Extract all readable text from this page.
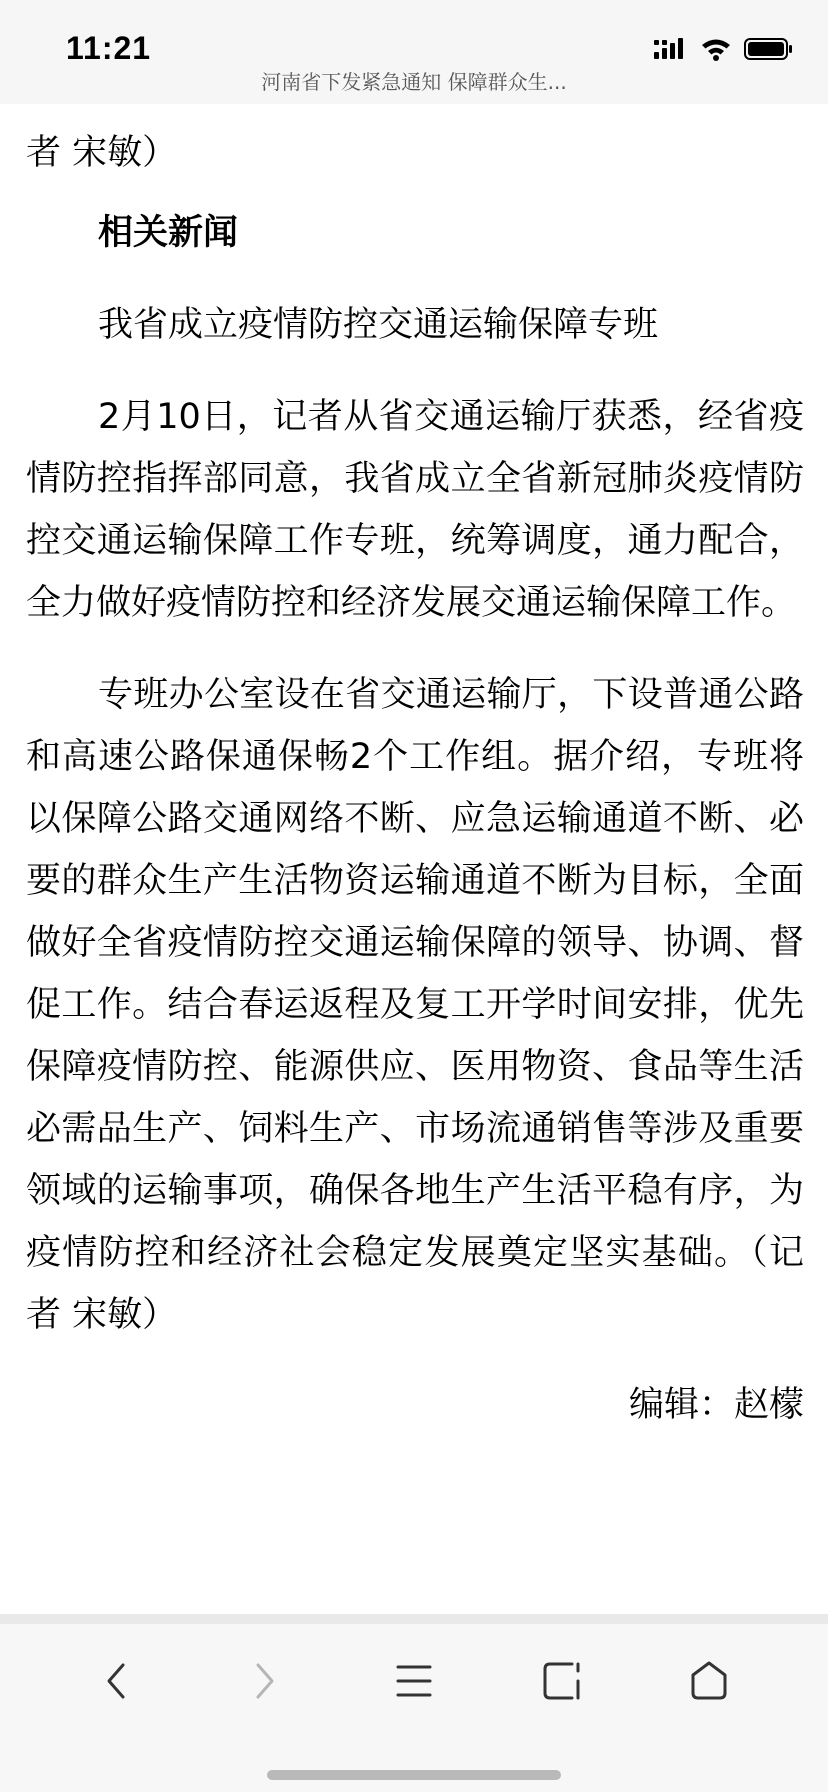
11:21
河南省下发紧急通知 保障群众生...

者 宋敏）

相关新闻

我省成立疫情防控交通运输保障专班

2月10日，记者从省交通运输厅获悉，经省疫情防控指挥部同意，我省成立全省新冠肺炎疫情防控交通运输保障工作专班，统筹调度，通力配合，全力做好疫情防控和经济发展交通运输保障工作。

专班办公室设在省交通运输厅，下设普通公路和高速公路保通保畅2个工作组。据介绍，专班将以保障公路交通网络不断、应急运输通道不断、必要的群众生产生活物资运输通道不断为目标，全面做好全省疫情防控交通运输保障的领导、协调、督促工作。结合春运返程及复工开学时间安排，优先保障疫情防控、能源供应、医用物资、食品等生活必需品生产、饲料生产、市场流通销售等涉及重要领域的运输事项，确保各地生产生活平稳有序，为疫情防控和经济社会稳定发展奠定坚实基础。（记者 宋敏）

编辑：赵檬
